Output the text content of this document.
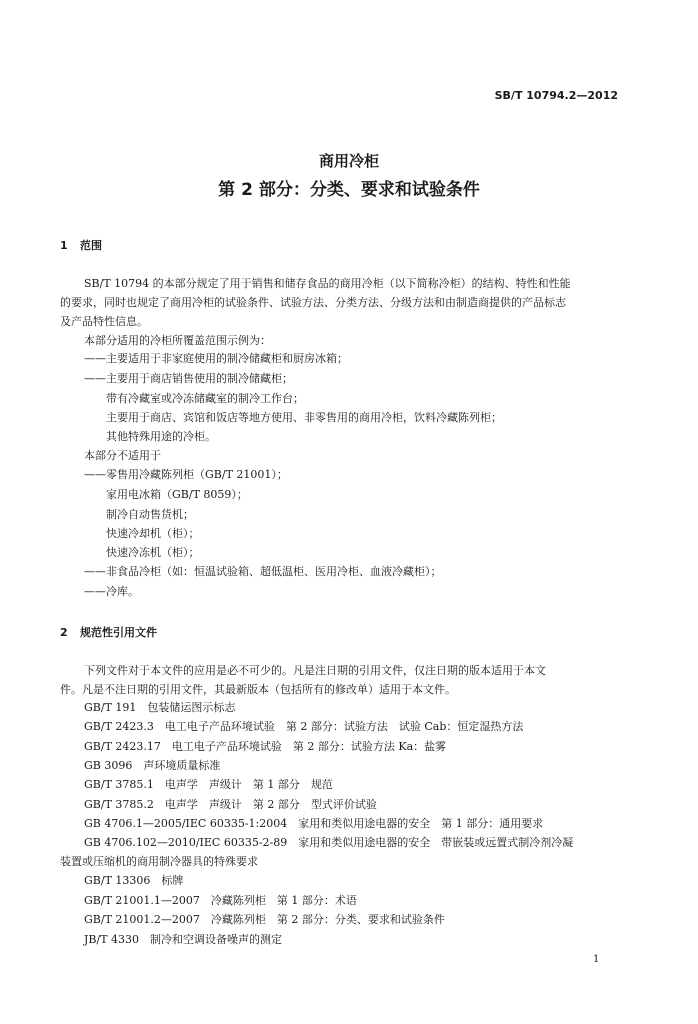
SB/T 10794.2—2012
商用冷柜
第 2 部分：分类、要求和试验条件
1 范围
SB/T 10794 的本部分规定了用于销售和储存食品的商用冷柜（以下简称冷柜）的结构、特性和性能
的要求，同时也规定了商用冷柜的试验条件、试验方法、分类方法、分级方法和由制造商提供的产品标志
及产品特性信息。
本部分适用的冷柜所覆盖范围示例为：
——主要适用于非家庭使用的制冷储藏柜和厨房冰箱；
——主要用于商店销售使用的制冷储藏柜；
带有冷藏室或冷冻储藏室的制冷工作台；
主要用于商店、宾馆和饭店等地方使用、非零售用的商用冷柜，饮料冷藏陈列柜；
其他特殊用途的冷柜。
本部分不适用于
——零售用冷藏陈列柜（GB/T 21001）；
家用电冰箱（GB/T 8059）；
制冷自动售货机；
快速冷却机（柜）；
快速冷冻机（柜）；
——非食品冷柜（如：恒温试验箱、超低温柜、医用冷柜、血液冷藏柜）；
——冷库。
2 规范性引用文件
下列文件对于本文件的应用是必不可少的。凡是注日期的引用文件，仅注日期的版本适用于本文
件。凡是不注日期的引用文件，其最新版本（包括所有的修改单）适用于本文件。
GB/T 191　包装储运图示标志
GB/T 2423.3　电工电子产品环境试验　第 2 部分：试验方法　试验 Cab：恒定湿热方法
GB/T 2423.17　电工电子产品环境试验　第 2 部分：试验方法 Ka：盐雾
GB 3096　声环境质量标准
GB/T 3785.1　电声学　声级计　第 1 部分　规范
GB/T 3785.2　电声学　声级计　第 2 部分　型式评价试验
GB 4706.1—2005/IEC 60335-1:2004　家用和类似用途电器的安全　第 1 部分：通用要求
GB 4706.102—2010/IEC 60335-2-89　家用和类似用途电器的安全　带嵌装或远置式制冷剂冷凝
装置或压缩机的商用制冷器具的特殊要求
GB/T 13306　标牌
GB/T 21001.1—2007　冷藏陈列柜　第 1 部分：术语
GB/T 21001.2—2007　冷藏陈列柜　第 2 部分：分类、要求和试验条件
JB/T 4330　制冷和空调设备噪声的测定
1
